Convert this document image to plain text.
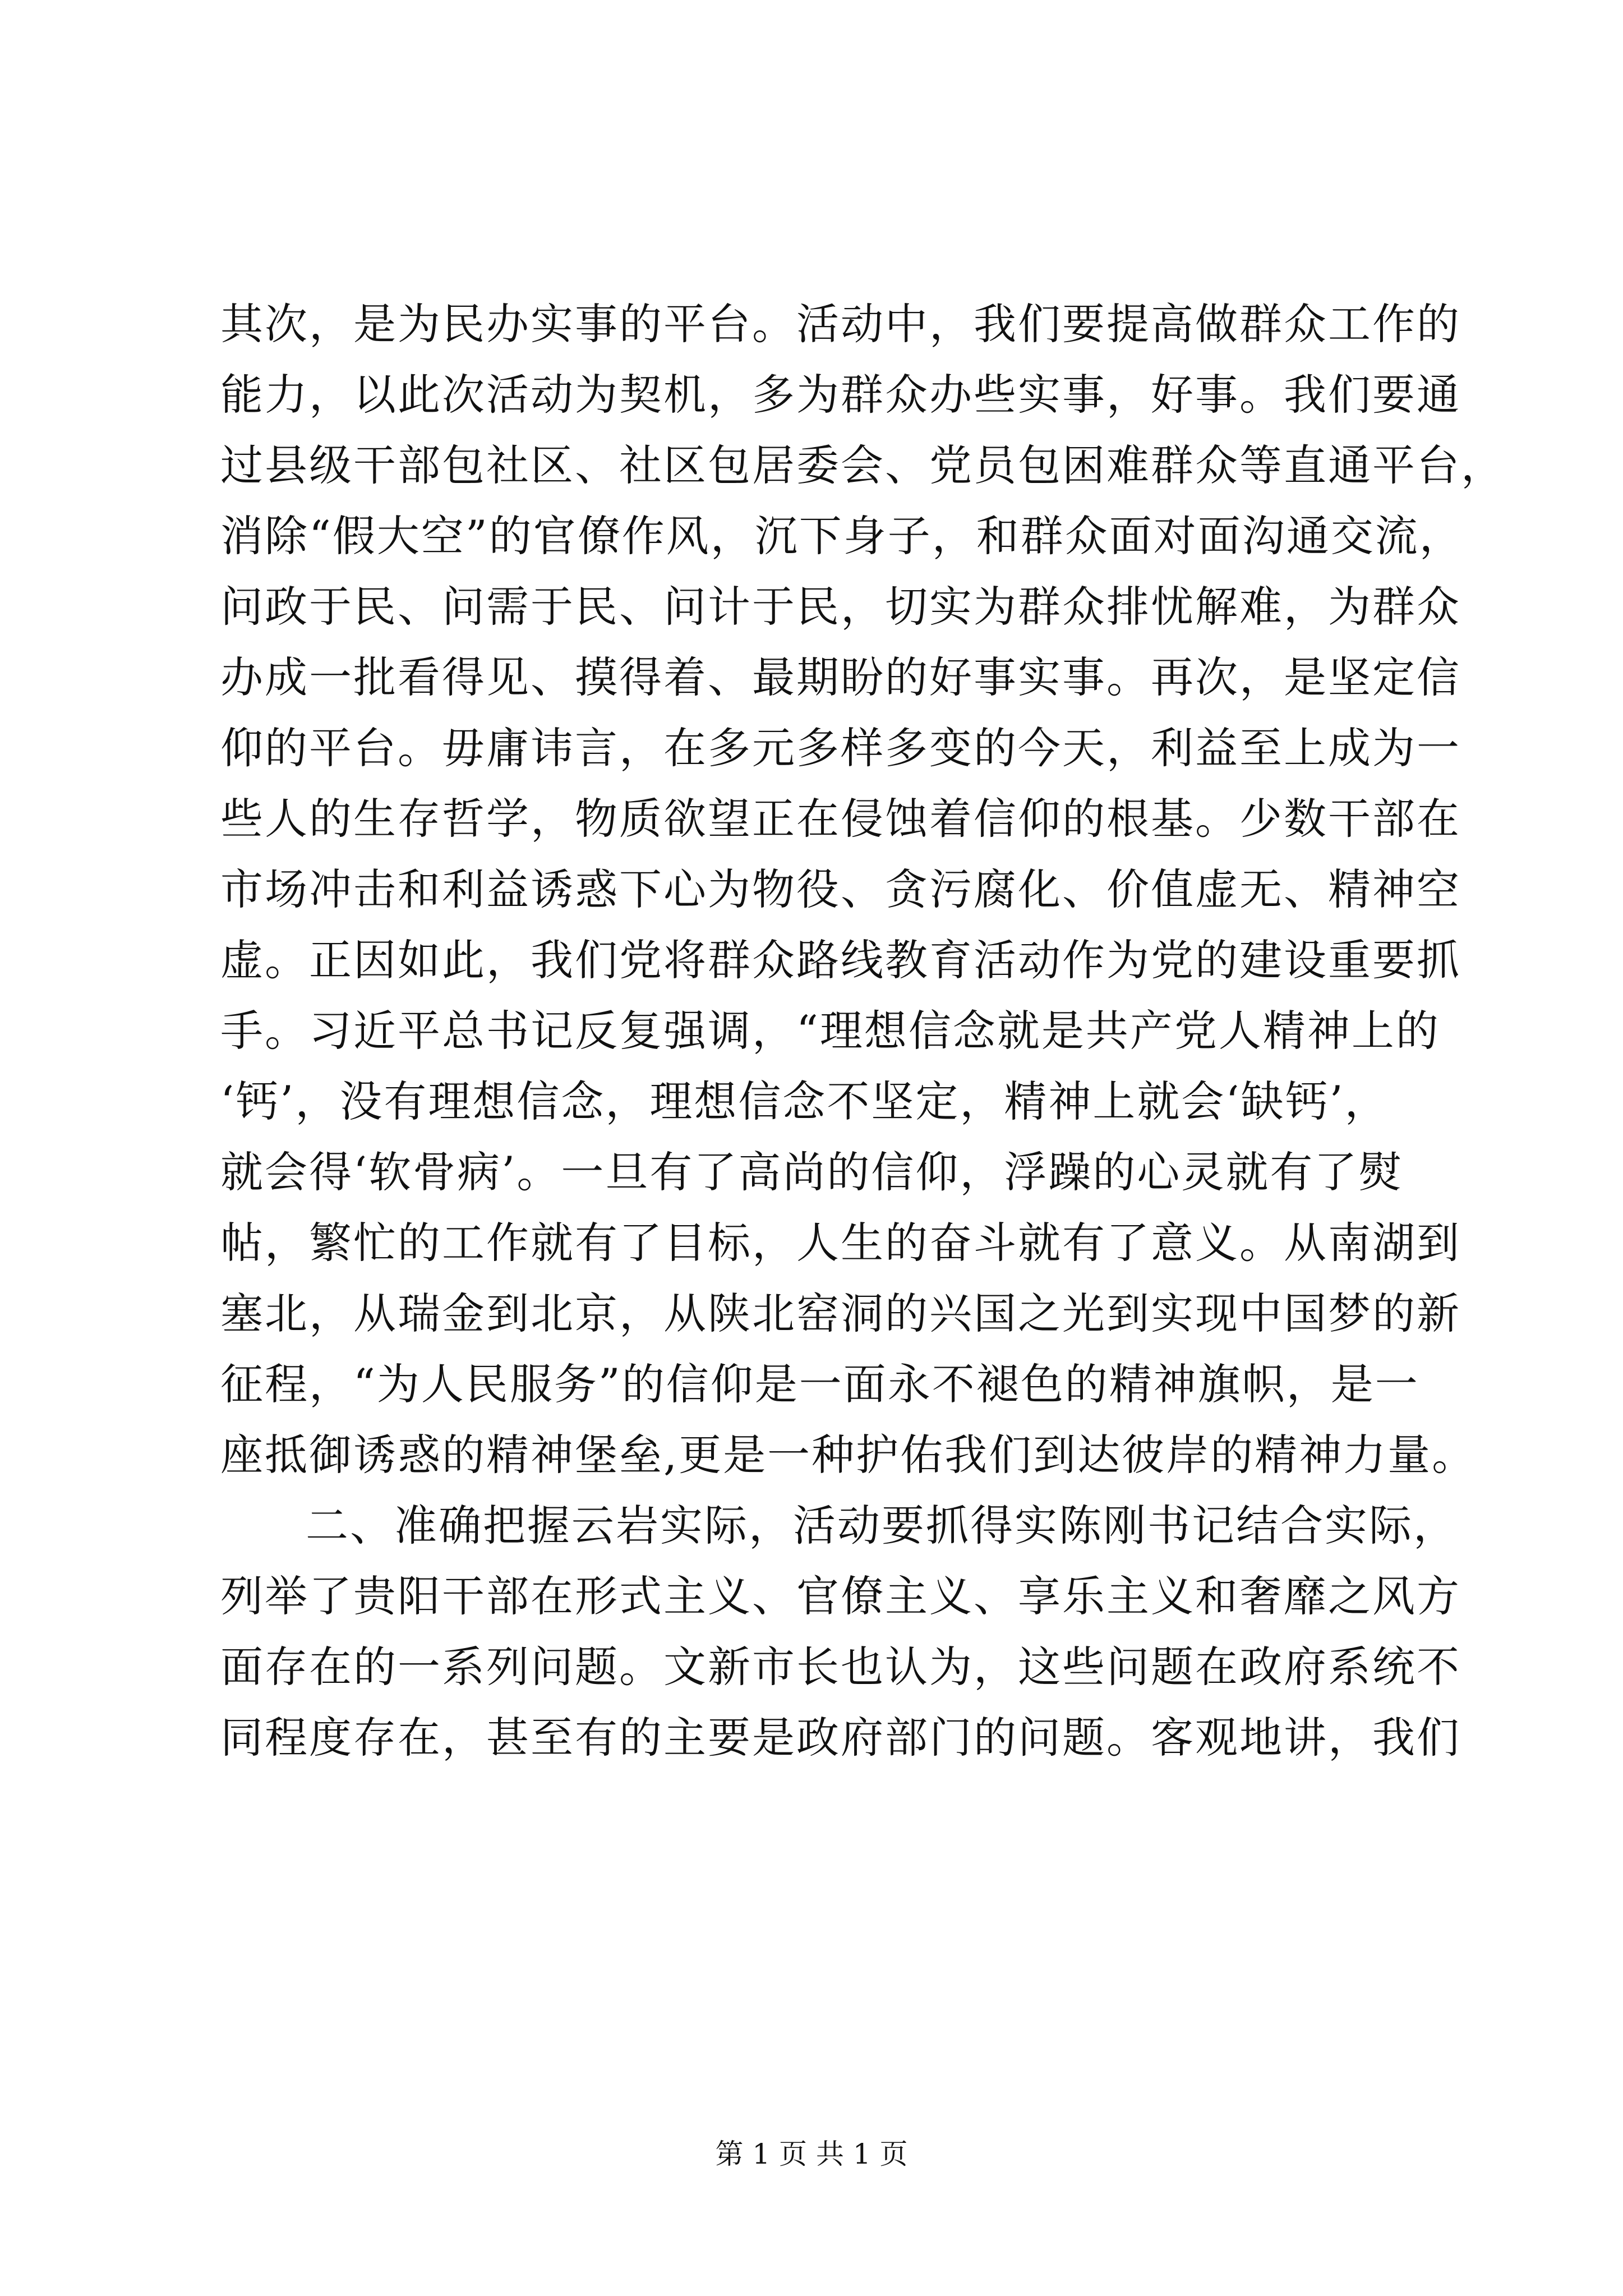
其次，是为民办实事的平台。活动中，我们要提高做群众工作的
能力，以此次活动为契机，多为群众办些实事，好事。我们要通
过县级干部包社区、社区包居委会、党员包困难群众等直通平台，
消除“假大空”的官僚作风，沉下身子，和群众面对面沟通交流，
问政于民、问需于民、问计于民，切实为群众排忧解难，为群众
办成一批看得见、摸得着、最期盼的好事实事。再次，是坚定信
仰的平台。毋庸讳言，在多元多样多变的今天，利益至上成为一
些人的生存哲学，物质欲望正在侵蚀着信仰的根基。少数干部在
市场冲击和利益诱惑下心为物役、贪污腐化、价值虚无、精神空
虚。正因如此，我们党将群众路线教育活动作为党的建设重要抓
手。习近平总书记反复强调，“理想信念就是共产党人精神上的
‘钙’，没有理想信念，理想信念不坚定，精神上就会‘缺钙’，
就会得‘软骨病’。一旦有了高尚的信仰，浮躁的心灵就有了熨
帖，繁忙的工作就有了目标，人生的奋斗就有了意义。从南湖到
塞北，从瑞金到北京，从陕北窑洞的兴国之光到实现中国梦的新
征程，“为人民服务”的信仰是一面永不褪色的精神旗帜，是一
座抵御诱惑的精神堡垒,更是一种护佑我们到达彼岸的精神力量。
二、准确把握云岩实际，活动要抓得实陈刚书记结合实际，
列举了贵阳干部在形式主义、官僚主义、享乐主义和奢靡之风方
面存在的一系列问题。文新市长也认为，这些问题在政府系统不
同程度存在，甚至有的主要是政府部门的问题。客观地讲，我们
第 1 页 共 1 页
